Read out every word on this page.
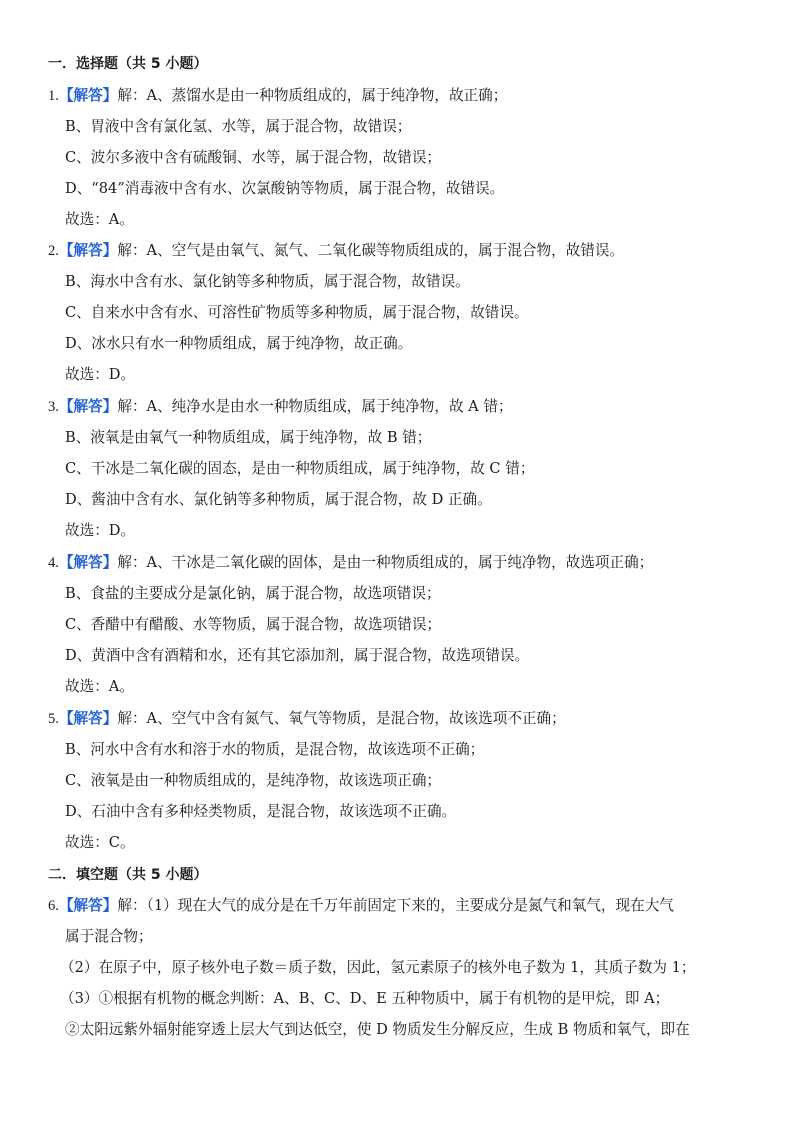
一．选择题（共 5 小题）
1.【解答】解：A、蒸馏水是由一种物质组成的，属于纯净物，故正确；
B、胃液中含有氯化氢、水等，属于混合物，故错误；
C、波尔多液中含有硫酸铜、水等，属于混合物，故错误；
D、“84”消毒液中含有水、次氯酸钠等物质，属于混合物，故错误。
故选：A。
2.【解答】解：A、空气是由氧气、氮气、二氧化碳等物质组成的，属于混合物，故错误。
B、海水中含有水、氯化钠等多种物质，属于混合物，故错误。
C、自来水中含有水、可溶性矿物质等多种物质，属于混合物，故错误。
D、冰水只有水一种物质组成，属于纯净物，故正确。
故选：D。
3.【解答】解：A、纯净水是由水一种物质组成，属于纯净物，故 A 错；
B、液氧是由氧气一种物质组成，属于纯净物，故 B 错；
C、干冰是二氧化碳的固态，是由一种物质组成，属于纯净物，故 C 错；
D、酱油中含有水、氯化钠等多种物质，属于混合物，故 D 正确。
故选：D。
4.【解答】解：A、干冰是二氧化碳的固体，是由一种物质组成的，属于纯净物，故选项正确；
B、食盐的主要成分是氯化钠，属于混合物，故选项错误；
C、香醋中有醋酸、水等物质，属于混合物，故选项错误；
D、黄酒中含有酒精和水，还有其它添加剂，属于混合物，故选项错误。
故选：A。
5.【解答】解：A、空气中含有氮气、氧气等物质，是混合物，故该选项不正确；
B、河水中含有水和溶于水的物质，是混合物，故该选项不正确；
C、液氧是由一种物质组成的，是纯净物，故该选项正确；
D、石油中含有多种烃类物质，是混合物，故该选项不正确。
故选：C。
二．填空题（共 5 小题）
6.【解答】解：（1）现在大气的成分是在千万年前固定下来的，主要成分是氮气和氧气，现在大气
属于混合物；
（2）在原子中，原子核外电子数＝质子数，因此，氢元素原子的核外电子数为 1，其质子数为 1；
（3）①根据有机物的概念判断：A、B、C、D、E 五种物质中，属于有机物的是甲烷，即 A；
②太阳远紫外辐射能穿透上层大气到达低空，使 D 物质发生分解反应，生成 B 物质和氧气，即在
